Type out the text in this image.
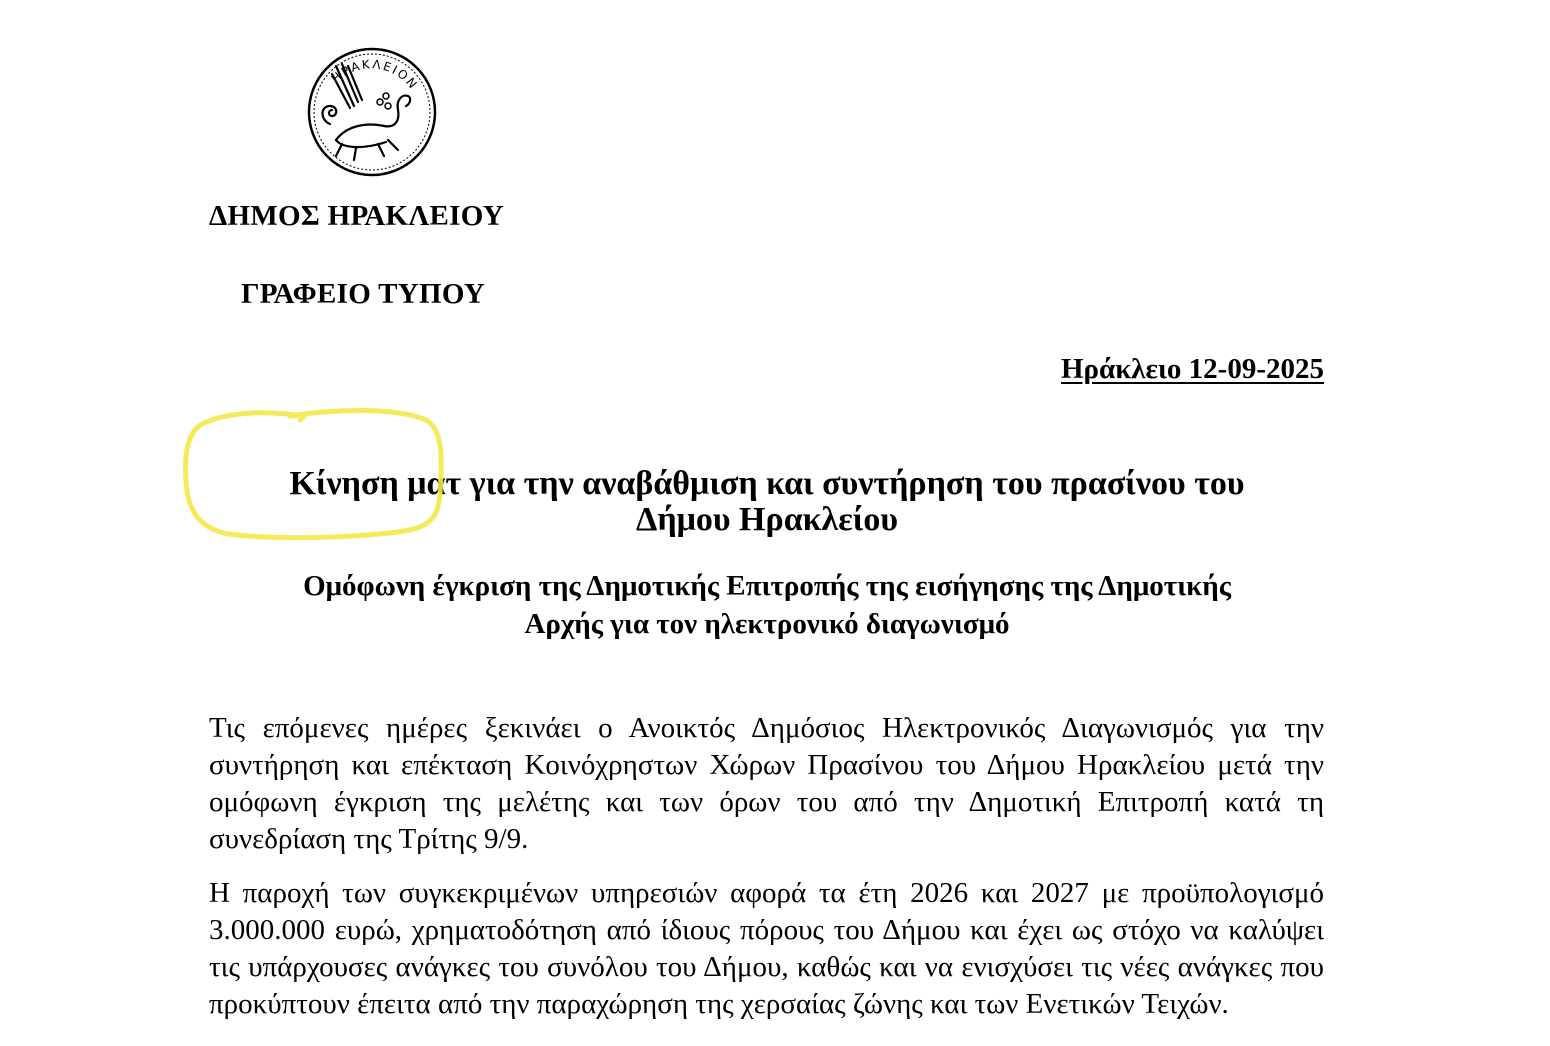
ΗΡΑΚΛΕΙΟΝ
ΔΗΜΟΣ ΗΡΑΚΛΕΙΟΥ
ΓΡΑΦΕΙΟ ΤΥΠΟΥ
Ηράκλειο 12-09-2025
Κίνηση ματ για την αναβάθμιση και συντήρηση του πρασίνου του
Δήμου Ηρακλείου
Ομόφωνη έγκριση της Δημοτικής Επιτροπής της εισήγησης της Δημοτικής
Αρχής για τον ηλεκτρονικό διαγωνισμό

Τις επόμενες ημέρες ξεκινάει ο Ανοικτός Δημόσιος Ηλεκτρονικός Διαγωνισμός για την συντήρηση και επέκταση Κοινόχρηστων Χώρων Πρασίνου του Δήμου Ηρακλείου μετά την ομόφωνη έγκριση της μελέτης και των όρων του από την Δημοτική Επιτροπή κατά τη συνεδρίαση της Τρίτης 9/9.

Η παροχή των συγκεκριμένων υπηρεσιών αφορά τα έτη 2026 και 2027 με προϋπολογισμό 3.000.000 ευρώ, χρηματοδότηση από ίδιους πόρους του Δήμου και έχει ως στόχο να καλύψει τις υπάρχουσες ανάγκες του συνόλου του Δήμου, καθώς και να ενισχύσει τις νέες ανάγκες που προκύπτουν έπειτα από την παραχώρηση της χερσαίας ζώνης και των Ενετικών Τειχών.
